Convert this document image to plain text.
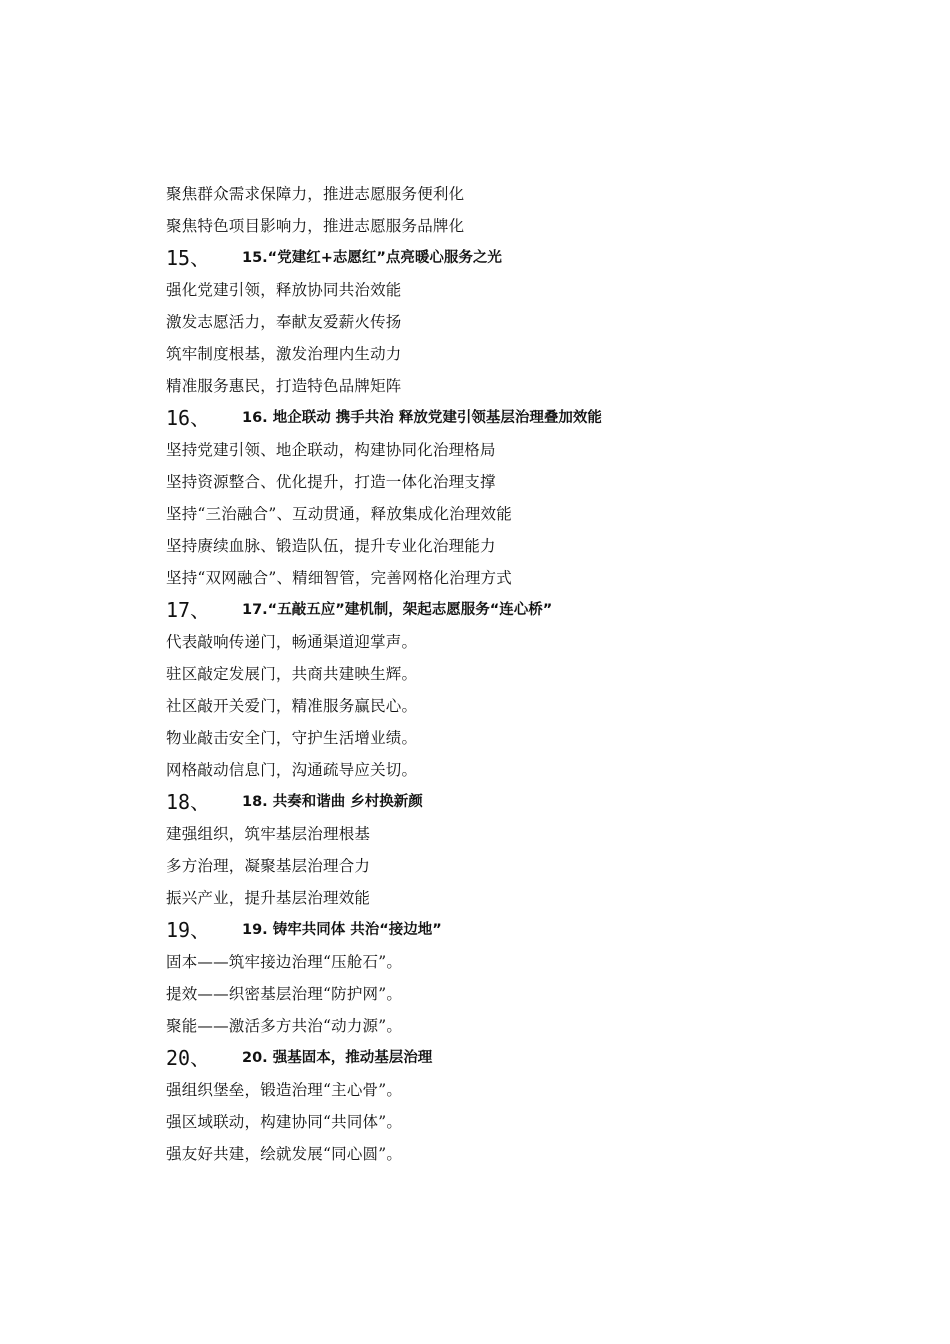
聚焦群众需求保障力，推进志愿服务便利化
聚焦特色项目影响力，推进志愿服务品牌化
15、 15.“党建红+志愿红”点亮暖心服务之光
强化党建引领，释放协同共治效能
激发志愿活力，奉献友爱薪火传扬
筑牢制度根基，激发治理内生动力
精准服务惠民，打造特色品牌矩阵
16、 16. 地企联动 携手共治 释放党建引领基层治理叠加效能
坚持党建引领、地企联动，构建协同化治理格局
坚持资源整合、优化提升，打造一体化治理支撑
坚持“三治融合”、互动贯通，释放集成化治理效能
坚持赓续血脉、锻造队伍，提升专业化治理能力
坚持“双网融合”、精细智管，完善网格化治理方式
17、 17.“五敲五应”建机制，架起志愿服务“连心桥”
代表敲响传递门，畅通渠道迎掌声。
驻区敲定发展门，共商共建映生辉。
社区敲开关爱门，精准服务赢民心。
物业敲击安全门，守护生活增业绩。
网格敲动信息门，沟通疏导应关切。
18、 18. 共奏和谐曲 乡村换新颜
建强组织，筑牢基层治理根基
多方治理，凝聚基层治理合力
振兴产业，提升基层治理效能
19、 19. 铸牢共同体 共治“接边地”
固本——筑牢接边治理“压舱石”。
提效——织密基层治理“防护网”。
聚能——激活多方共治“动力源”。
20、 20. 强基固本，推动基层治理
强组织堡垒，锻造治理“主心骨”。
强区域联动，构建协同“共同体”。
强友好共建，绘就发展“同心圆”。
